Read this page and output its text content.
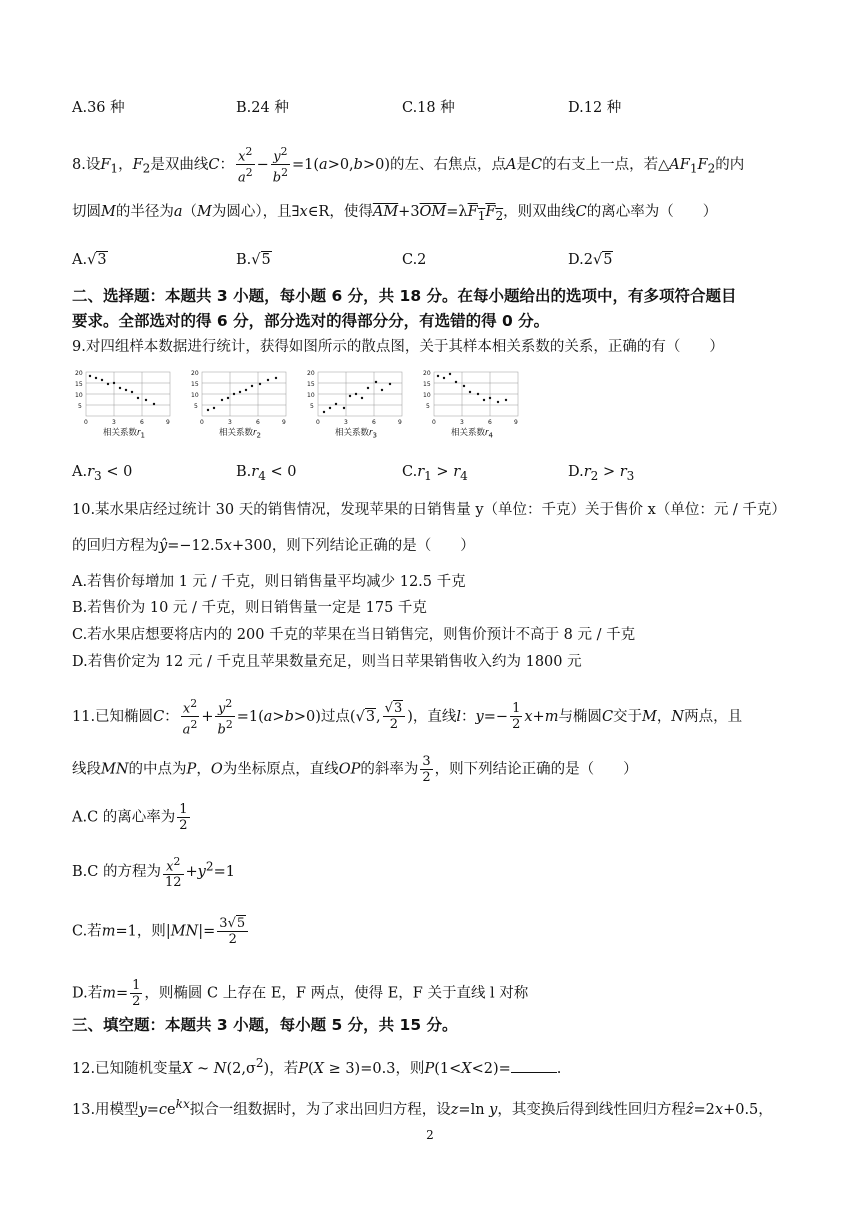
A.36 种	B.24 种	C.18 种	D.12 种
8.设$F_1$，$F_2$是双曲线C： $\frac{x^2}{a^2} - \frac{y^2}{b^2} =1(a>0,b>0)$的左、右焦点，点A是C的右支上一点，若$\triangle AF_1F_2$的内
切圆M的半径为a（M为圆心），且∃x∈R，使得$\overline{AM}+3\overline{OM}=\lambda F_1F_2$，则双曲线C的离心率为（　　）
A.√3	B.√5	C.2	D.2√5
二、选择题：本题共 3 小题，每小题 6 分，共 18 分。在每小题给出的选项中，有多项符合题目
要求。全部选对的得 6 分，部分选对的得部分分，有选错的得 0 分。
9.对四组样本数据进行统计，获得如图所示的散点图，关于其样本相关系数的关系，正确的有（　　）
20
15
10
5
0	3	6	9
相关系数$r_1$
20
15
10
5
0	3	6	9
相关系数$r_2$
20
15
10
5
0	3	6	9
相关系数$r_3$
20
15
10
5
0	3	6	9
相关系数$r_4$
$A.r_3 < 0$	$B.r_4 < 0$	$C.r_1 > r_4$	$D.r_2 > r_3$
10.某水果店经过统计 30 天的销售情况，发现苹果的日销售量 y（单位：千克）关于售价 x（单位：元 / 千克）
的回归方程为ŷ=−12.5x+300，则下列结论正确的是（　　）
A.若售价每增加 1 元 / 千克，则日销售量平均减少 12.5 千克
B.若售价为 10 元 / 千克，则日销售量一定是 175 千克
C.若水果店想要将店内的 200 千克的苹果在当日销售完，则售价预计不高于 8 元 / 千克
D.若售价定为 12 元 / 千克且苹果数量充足，则当日苹果销售收入约为 1800 元
11.已知椭圆C： $\frac{x^2}{a^2} + \frac{y^2}{b^2} =1(a>b>0)$过点(√3, $\frac{√3}{2}$ )，直线l：$y=- \frac{1}{2} x+m$与椭圆C交于M，N两点，且
线段MN的中点为P，O为坐标原点，直线OP的斜率为 $\frac{3}{2}$ ，则下列结论正确的是（　　）
A.C 的离心率为 $\frac{1}{2}$
B.C 的方程为 $\frac{x^2}{12} +y^2=1$
C.若m=1，则$|MN|= \frac{3√5}{2}$
D.若$m= \frac{1}{2}$ ，则椭圆 C 上存在 E，F 两点，使得 E，F 关于直线 l 对称
三、填空题：本题共 3 小题，每小题 5 分，共 15 分。
12.已知随机变量X ~ $N(2,\sigma^2)$，若P(X ≥ 3)=0.3，则P(1<X<2)=	.
13.用模型$y=ce^{kx}$拟合一组数据时，为了求出回归方程，设z=ln y，其变换后得到线性回归方程ẑ=2x+0.5，
2
